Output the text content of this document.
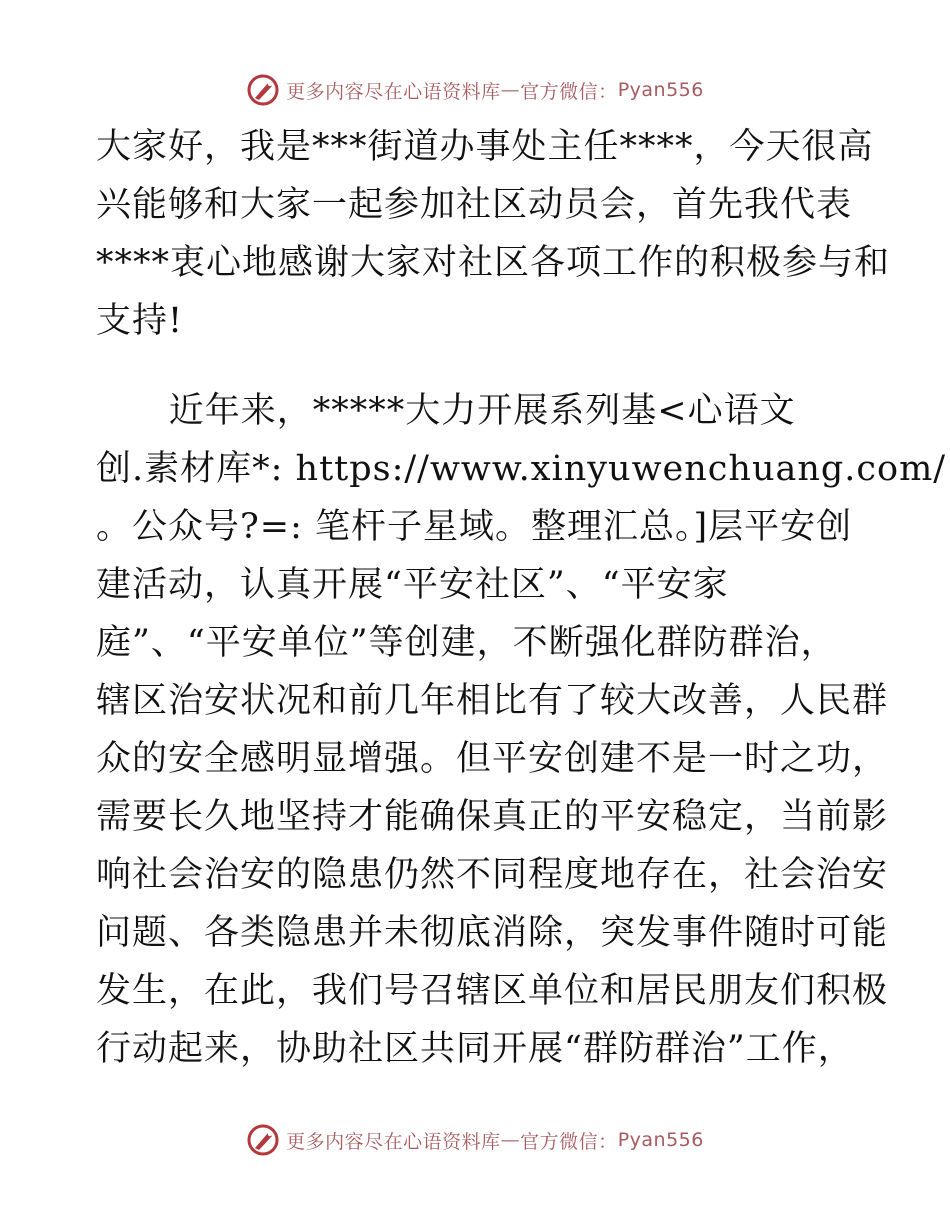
更多内容尽在心语资料库 — 官方微信： Pyan556
大家好，我是***街道办事处主任****，今天很高
兴能够和大家一起参加社区动员会，首先我代表
****衷心地感谢大家对社区各项工作的积极参与和
支持!
近年来，*****大力开展系列基<心语文
创.素材库*: https://www.xinyuwenchuang.com/
。公众号?=: 笔杆子星域。整理汇总。]层平安创
建活动，认真开展“平安社区”、“平安家
庭”、“平安单位”等创建，不断强化群防群治，
辖区治安状况和前几年相比有了较大改善，人民群
众的安全感明显增强。但平安创建不是一时之功，
需要长久地坚持才能确保真正的平安稳定，当前影
响社会治安的隐患仍然不同程度地存在，社会治安
问题、各类隐患并未彻底消除，突发事件随时可能
发生，在此，我们号召辖区单位和居民朋友们积极
行动起来，协助社区共同开展“群防群治”工作，
更多内容尽在心语资料库 — 官方微信： Pyan556
